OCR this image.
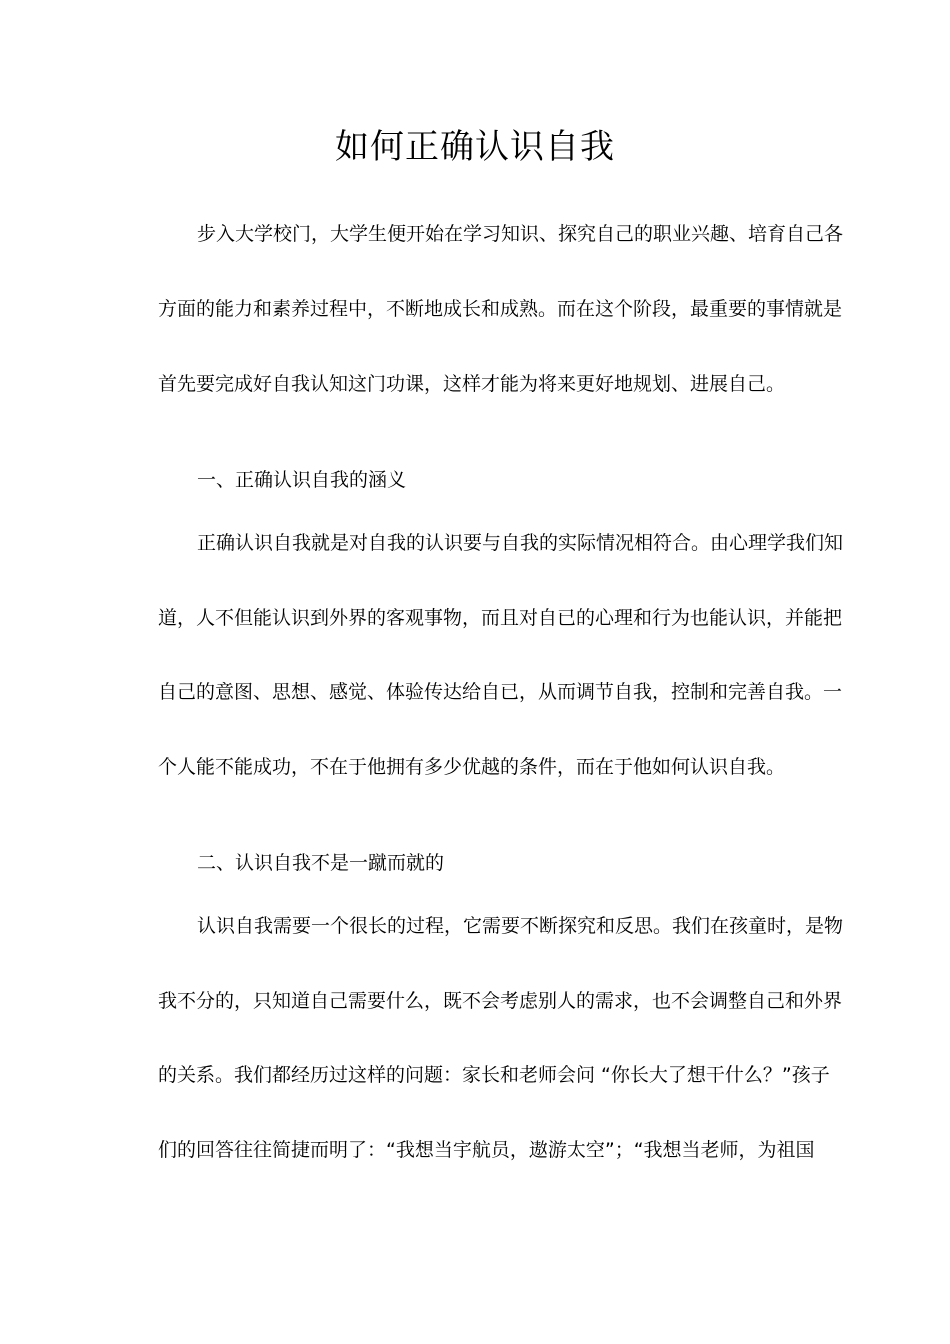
如何正确认识自我

步入大学校门，大学生便开始在学习知识、探究自己的职业兴趣、培育自己各

方面的能力和素养过程中，不断地成长和成熟。而在这个阶段，最重要的事情就是

首先要完成好自我认知这门功课，这样才能为将来更好地规划、进展自己。

一、正确认识自我的涵义

正确认识自我就是对自我的认识要与自我的实际情况相符合。由心理学我们知

道，人不但能认识到外界的客观事物，而且对自已的心理和行为也能认识，并能把

自己的意图、思想、感觉、体验传达给自已，从而调节自我，控制和完善自我。一

个人能不能成功，不在于他拥有多少优越的条件，而在于他如何认识自我。

二、认识自我不是一蹴而就的

认识自我需要一个很长的过程，它需要不断探究和反思。我们在孩童时，是物

我不分的，只知道自己需要什么，既不会考虑别人的需求，也不会调整自己和外界

的关系。我们都经历过这样的问题：家长和老师会问 “你长大了想干什么？”孩子

们的回答往往简捷而明了：“我想当宇航员，遨游太空”；“我想当老师，为祖国
